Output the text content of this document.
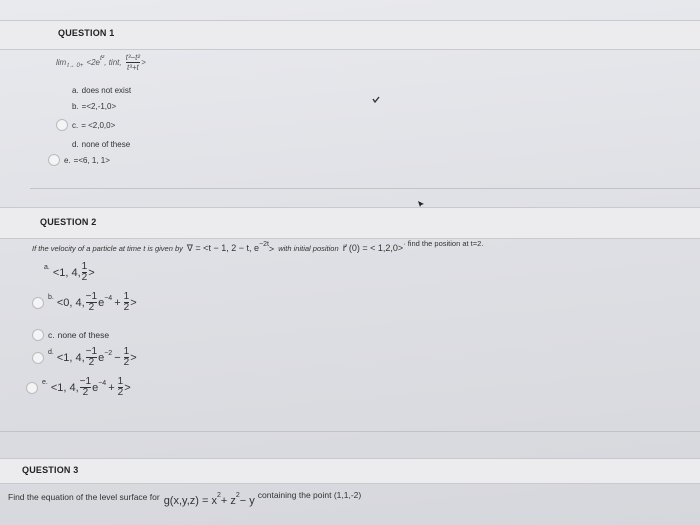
QUESTION 1
$\lim t\to 0+ <2e^{t^2}$ , tint, $\frac{\text{t³−t²}}{\text{t³+t}}$ >
a. does not exist
b. =<2,-1,0>
c. = <2,0,0>
d. none of these
e. =<6, 1, 1>
QUESTION 2
If the velocity of a particle at time t is given by ∇ = <t − 1, 2 − t, $e^{-2t}$ > with initial position r⃗ (0) = < 1,2,0> · find the position at t=2.
a. <1, 4, $\frac{1}{2}$ >
b. <0, 4, $\frac{-1}{2} e^{-4} + \frac{1}{2}$ >
c. none of these
d. <1, 4, $\frac{-1}{2} e^{-2} - \frac{1}{2}$ >
e. <1, 4, $\frac{-1}{2} e^{-4} + \frac{1}{2}$ >
QUESTION 3
Find the equation of the level surface for $g(x,y,z) = x^2 + z^2 - y$ containing the point (1,1,-2)
